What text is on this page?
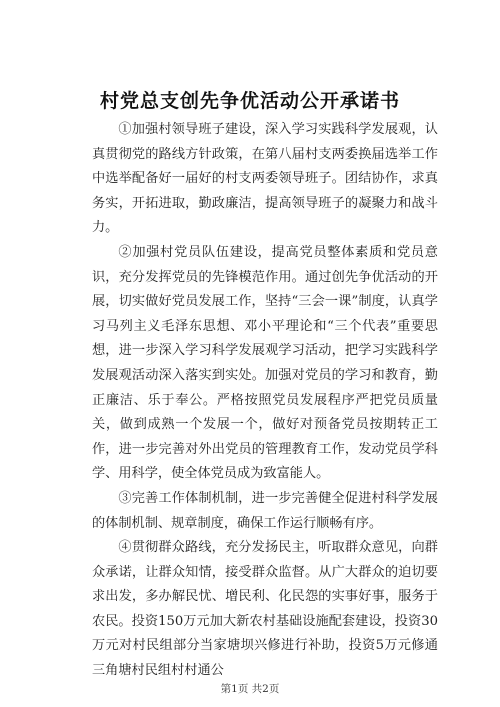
村党总支创先争优活动公开承诺书

①加强村领导班子建设，深入学习实践科学发展观，认真贯彻党的路线方针政策，在第八届村支两委换届选举工作中选举配备好一届好的村支两委领导班子。团结协作，求真务实，开拓进取，勤政廉洁，提高领导班子的凝聚力和战斗力。

②加强村党员队伍建设，提高党员整体素质和党员意识，充分发挥党员的先锋模范作用。通过创先争优活动的开展，切实做好党员发展工作，坚持“三会一课”制度，认真学习马列主义毛泽东思想、邓小平理论和“三个代表”重要思想，进一步深入学习科学发展观学习活动，把学习实践科学发展观活动深入落实到实处。加强对党员的学习和教育，勤正廉洁、乐于奉公。严格按照党员发展程序严把党员质量关，做到成熟一个发展一个，做好对预备党员按期转正工作，进一步完善对外出党员的管理教育工作，发动党员学科学、用科学，使全体党员成为致富能人。

③完善工作体制机制，进一步完善健全促进村科学发展的体制机制、规章制度，确保工作运行顺畅有序。

④贯彻群众路线，充分发扬民主，听取群众意见，向群众承诺，让群众知情，接受群众监督。从广大群众的迫切要求出发，多办解民忧、增民利、化民怨的实事好事，服务于农民。投资150万元加大新农村基础设施配套建设，投资30万元对村民组部分当家塘坝兴修进行补助，投资5万元修通三角塘村民组村村通公

第1页 共2页
